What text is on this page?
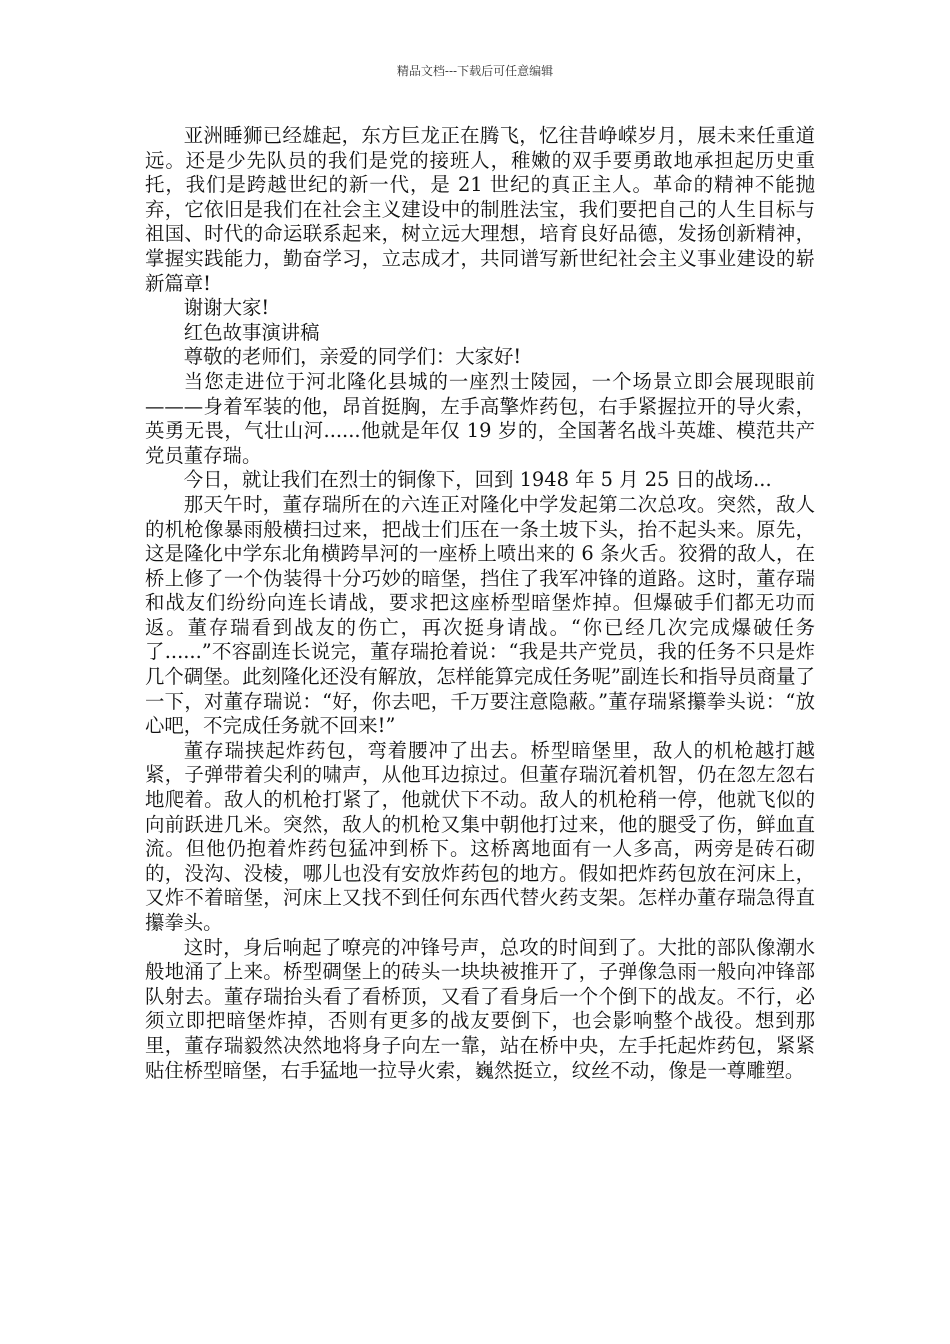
精品文档---下载后可任意编辑

亚洲睡狮已经雄起，东方巨龙正在腾飞，忆往昔峥嵘岁月，展未来任重道远。还是少先队员的我们是党的接班人，稚嫩的双手要勇敢地承担起历史重托，我们是跨越世纪的新一代，是 21 世纪的真正主人。革命的精神不能抛弃，它依旧是我们在社会主义建设中的制胜法宝，我们要把自己的人生目标与祖国、时代的命运联系起来，树立远大理想，培育良好品德，发扬创新精神，掌握实践能力，勤奋学习，立志成才，共同谱写新世纪社会主义事业建设的崭新篇章!

谢谢大家!

红色故事演讲稿

尊敬的老师们，亲爱的同学们：大家好!

当您走进位于河北隆化县城的一座烈士陵园，一个场景立即会展现眼前———身着军装的他，昂首挺胸，左手高擎炸药包，右手紧握拉开的导火索，英勇无畏，气壮山河......他就是年仅 19 岁的，全国著名战斗英雄、模范共产党员董存瑞。

今日，就让我们在烈士的铜像下，回到 1948 年 5 月 25 日的战场...

那天午时，董存瑞所在的六连正对隆化中学发起第二次总攻。突然，敌人的机枪像暴雨般横扫过来，把战士们压在一条土坡下头，抬不起头来。原先，这是隆化中学东北角横跨旱河的一座桥上喷出来的 6 条火舌。狡猾的敌人，在桥上修了一个伪装得十分巧妙的暗堡，挡住了我军冲锋的道路。这时，董存瑞和战友们纷纷向连长请战，要求把这座桥型暗堡炸掉。但爆破手们都无功而返。董存瑞看到战友的伤亡，再次挺身请战。“你已经几次完成爆破任务了......”不容副连长说完，董存瑞抢着说：“我是共产党员，我的任务不只是炸几个碉堡。此刻隆化还没有解放，怎样能算完成任务呢”副连长和指导员商量了一下，对董存瑞说：“好，你去吧，千万要注意隐蔽。”董存瑞紧攥拳头说：“放心吧，不完成任务就不回来!”

董存瑞挟起炸药包，弯着腰冲了出去。桥型暗堡里，敌人的机枪越打越紧，子弹带着尖利的啸声，从他耳边掠过。但董存瑞沉着机智，仍在忽左忽右地爬着。敌人的机枪打紧了，他就伏下不动。敌人的机枪稍一停，他就飞似的向前跃进几米。突然，敌人的机枪又集中朝他打过来，他的腿受了伤，鲜血直流。但他仍抱着炸药包猛冲到桥下。这桥离地面有一人多高，两旁是砖石砌的，没沟、没棱，哪儿也没有安放炸药包的地方。假如把炸药包放在河床上，又炸不着暗堡，河床上又找不到任何东西代替火药支架。怎样办董存瑞急得直攥拳头。

这时，身后响起了嘹亮的冲锋号声，总攻的时间到了。大批的部队像潮水般地涌了上来。桥型碉堡上的砖头一块块被推开了，子弹像急雨一般向冲锋部队射去。董存瑞抬头看了看桥顶，又看了看身后一个个倒下的战友。不行，必须立即把暗堡炸掉，否则有更多的战友要倒下，也会影响整个战役。想到那里，董存瑞毅然决然地将身子向左一靠，站在桥中央，左手托起炸药包，紧紧贴住桥型暗堡，右手猛地一拉导火索，巍然挺立，纹丝不动，像是一尊雕塑。
